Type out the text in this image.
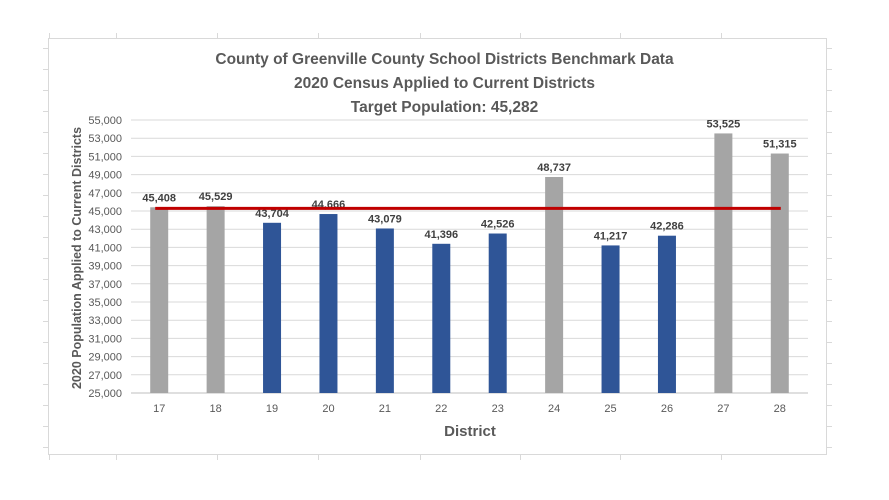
County of Greenville County School Districts Benchmark Data
2020 Census Applied to Current Districts
Target Population: 45,282
2020 Population Applied to Current Districts
District
25,000
27,000
29,000
31,000
33,000
35,000
37,000
39,000
41,000
43,000
45,000
47,000
49,000
51,000
53,000
55,000
45,408
17
45,529
18
43,704
19
44,666
20
43,079
21
41,396
22
42,526
23
48,737
24
41,217
25
42,286
26
53,525
27
51,315
28
